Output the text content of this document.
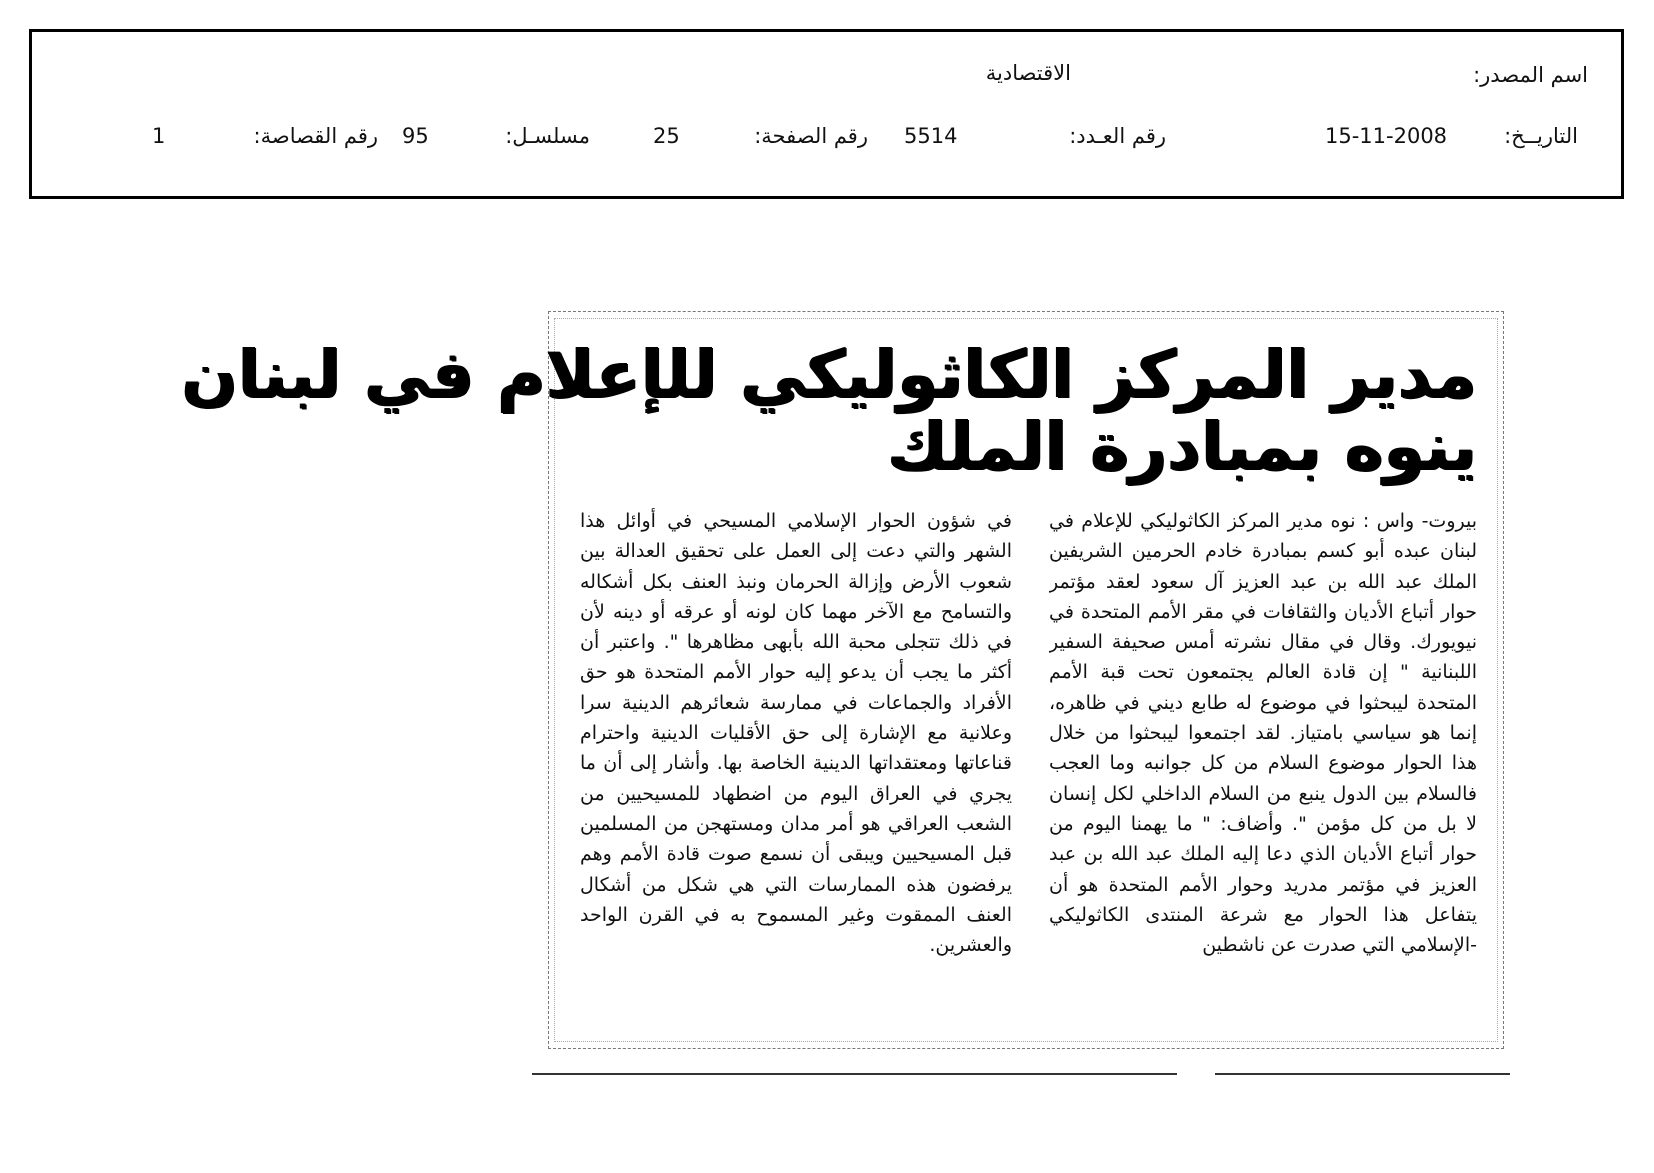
اسم المصدر:
الاقتصادية
التاريــخ:
15-11-2008
رقم العـدد:
5514
رقم الصفحة:
25
مسلسـل:
95
رقم القصاصة:
1
مدير المركز الكاثوليكي للإعلام في لبنان
ينوه بمبادرة الملك
بيروت- واس : نوه مدير المركز الكاثوليكي للإعلام في لبنان عبده أبو كسم بمبادرة خادم الحرمين الشريفين الملك عبد الله بن عبد العزيز آل سعود لعقد مؤتمر حوار أتباع الأديان والثقافات في مقر الأمم المتحدة في نيويورك. وقال في مقال نشرته أمس صحيفة السفير اللبنانية " إن قادة العالم يجتمعون تحت قبة الأمم المتحدة ليبحثوا في موضوع له طابع ديني في ظاهره، إنما هو سياسي بامتياز. لقد اجتمعوا ليبحثوا من خلال هذا الحوار موضوع السلام من كل جوانبه وما العجب فالسلام بين الدول ينبع من السلام الداخلي لكل إنسان لا بل من كل مؤمن ". وأضاف: " ما يهمنا اليوم من حوار أتباع الأديان الذي دعا إليه الملك عبد الله بن عبد العزيز في مؤتمر مدريد وحوار الأمم المتحدة هو أن يتفاعل هذا الحوار مع شرعة المنتدى الكاثوليكي -الإسلامي التي صدرت عن ناشطين
في شؤون الحوار الإسلامي المسيحي في أوائل هذا الشهر والتي دعت إلى العمل على تحقيق العدالة بين شعوب الأرض وإزالة الحرمان ونبذ العنف بكل أشكاله والتسامح مع الآخر مهما كان لونه أو عرقه أو دينه لأن في ذلك تتجلى محبة الله بأبهى مظاهرها ". واعتبر أن أكثر ما يجب أن يدعو إليه حوار الأمم المتحدة هو حق الأفراد والجماعات في ممارسة شعائرهم الدينية سرا وعلانية مع الإشارة إلى حق الأقليات الدينية واحترام قناعاتها ومعتقداتها الدينية الخاصة بها. وأشار إلى أن ما يجري في العراق اليوم من اضطهاد للمسيحيين من الشعب العراقي هو أمر مدان ومستهجن من المسلمين قبل المسيحيين ويبقى أن نسمع صوت قادة الأمم وهم يرفضون هذه الممارسات التي هي شكل من أشكال العنف الممقوت وغير المسموح به في القرن الواحد والعشرين.
